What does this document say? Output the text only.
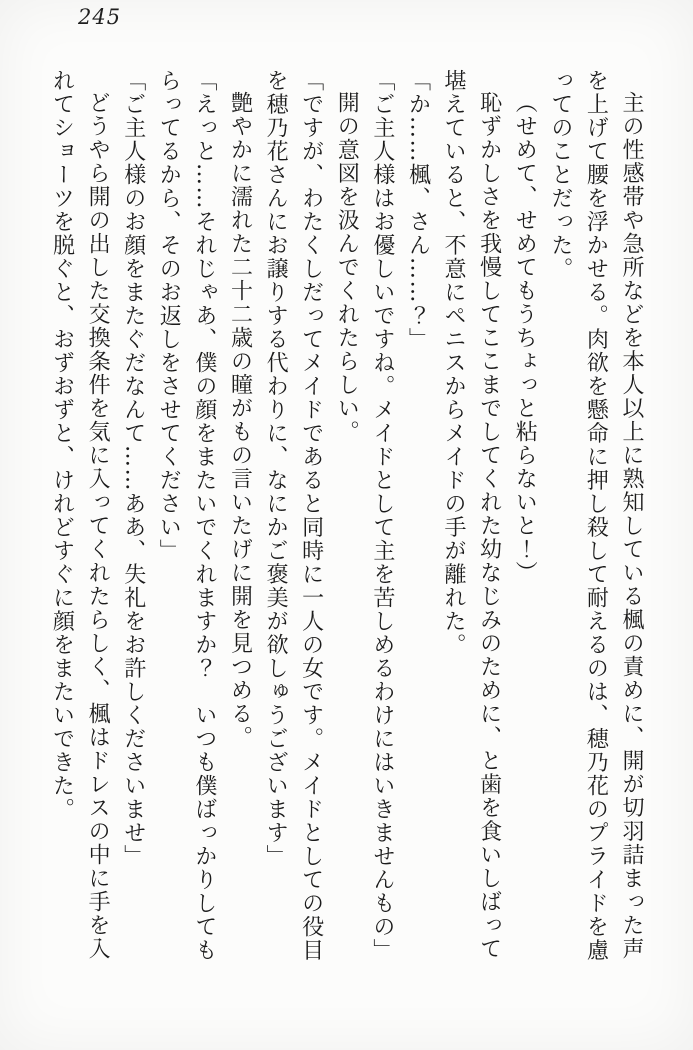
245

主の性感帯や急所などを本人以上に熟知している楓の責めに、開が切羽詰まった声

を上げて腰を浮かせる。肉欲を懸命に押し殺して耐えるのは、穂乃花のプライドを慮

ってのことだった。

（せめて、せめてもうちょっと粘らないと！）

恥ずかしさを我慢してここまでしてくれた幼なじみのために、と歯を食いしばって

堪えていると、不意にペニスからメイドの手が離れた。

「か……楓、さん……？」

「ご主人様はお優しいですね。メイドとして主を苦しめるわけにはいきませんもの」

開の意図を汲んでくれたらしい。

「ですが、わたくしだってメイドであると同時に一人の女です。メイドとしての役目

を穂乃花さんにお譲りする代わりに、なにかご褒美が欲しゅうございます」

艶やかに濡れた二十二歳の瞳がもの言いたげに開を見つめる。

「えっと……それじゃあ、僕の顔をまたいでくれますか？　いつも僕ばっかりしても

らってるから、そのお返しをさせてください」

「ご主人様のお顔をまたぐだなんて……ああ、失礼をお許しくださいませ」

どうやら開の出した交換条件を気に入ってくれたらしく、楓はドレスの中に手を入

れてショーツを脱ぐと、おずおずと、けれどすぐに顔をまたいできた。
